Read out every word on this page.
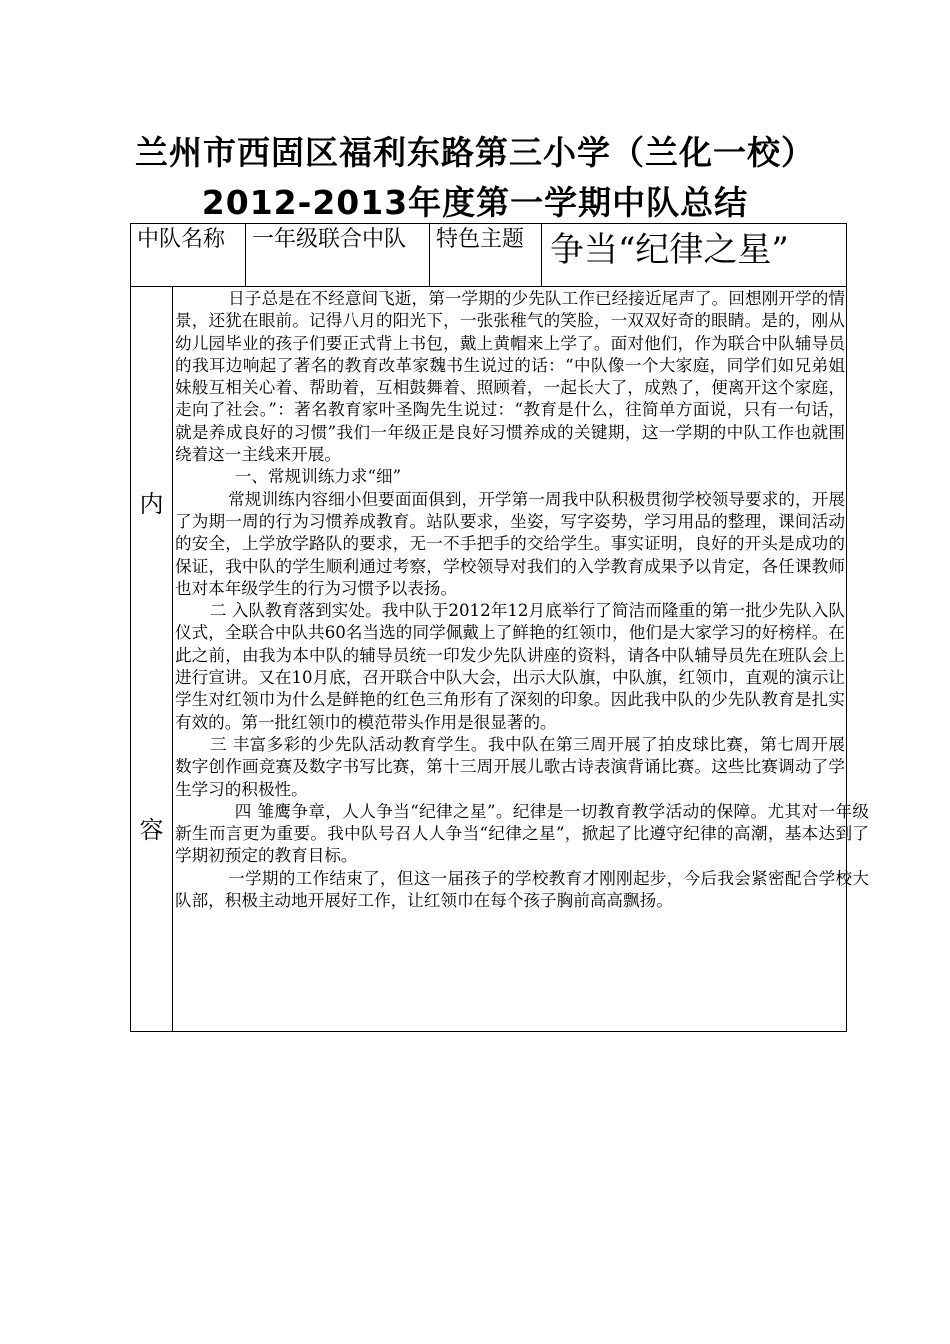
兰州市西固区福利东路第三小学（兰化一校）
2012-2013年度第一学期中队总结
中队名称	一年级联合中队	特色主题 争当“纪律之星”
内
容

日子总是在不经意间飞逝，第一学期的少先队工作已经接近尾声了。回想刚开学的情景，还犹在眼前。记得八月的阳光下，一张张稚气的笑脸，一双双好奇的眼睛。是的，刚从幼儿园毕业的孩子们要正式背上书包，戴上黄帽来上学了。面对他们，作为联合中队辅导员的我耳边响起了著名的教育改革家魏书生说过的话：“中队像一个大家庭，同学们如兄弟姐妹般互相关心着、帮助着，互相鼓舞着、照顾着，一起长大了，成熟了，便离开这个家庭，走向了社会。”：著名教育家叶圣陶先生说过：“教育是什么，往简单方面说，只有一句话，就是养成良好的习惯”我们一年级正是良好习惯养成的关键期，这一学期的中队工作也就围绕着这一主线来开展。

一、常规训练力求“细”

常规训练内容细小但要面面俱到，开学第一周我中队积极贯彻学校领导要求的，开展了为期一周的行为习惯养成教育。站队要求，坐姿，写字姿势，学习用品的整理，课间活动的安全，上学放学路队的要求，无一不手把手的交给学生。事实证明，良好的开头是成功的保证，我中队的学生顺利通过考察，学校领导对我们的入学教育成果予以肯定，各任课教师也对本年级学生的行为习惯予以表扬。

二 入队教育落到实处。我中队于2012年12月底举行了简洁而隆重的第一批少先队入队仪式，全联合中队共60名当选的同学佩戴上了鲜艳的红领巾，他们是大家学习的好榜样。在此之前，由我为本中队的辅导员统一印发少先队讲座的资料，请各中队辅导员先在班队会上进行宣讲。又在10月底，召开联合中队大会，出示大队旗，中队旗，红领巾，直观的演示让学生对红领巾为什么是鲜艳的红色三角形有了深刻的印象。因此我中队的少先队教育是扎实有效的。第一批红领巾的模范带头作用是很显著的。

三 丰富多彩的少先队活动教育学生。我中队在第三周开展了拍皮球比赛，第七周开展数字创作画竞赛及数字书写比赛，第十三周开展儿歌古诗表演背诵比赛。这些比赛调动了学生学习的积极性。

四 雏鹰争章，人人争当“纪律之星”。纪律是一切教育教学活动的保障。尤其对一年级新生而言更为重要。我中队号召人人争当“纪律之星”，掀起了比遵守纪律的高潮，基本达到了学期初预定的教育目标。

一学期的工作结束了，但这一届孩子的学校教育才刚刚起步，今后我会紧密配合学校大队部，积极主动地开展好工作，让红领巾在每个孩子胸前高高飘扬。
